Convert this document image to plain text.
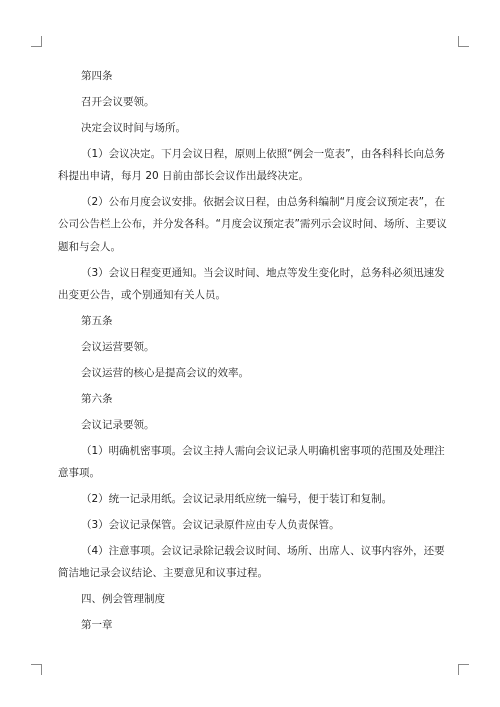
第四条

召开会议要领。

决定会议时间与场所。

（1）会议决定。下月会议日程，原则上依照“例会一览表”，由各科科长向总务

科提出申请，每月 20 日前由部长会议作出最终决定。

（2）公布月度会议安排。依据会议日程，由总务科编制“月度会议预定表”，在

公司公告栏上公布，并分发各科。“月度会议预定表”需列示会议时间、场所、主要议

题和与会人。

（3）会议日程变更通知。当会议时间、地点等发生变化时，总务科必须迅速发

出变更公告，或个别通知有关人员。

第五条

会议运营要领。

会议运营的核心是提高会议的效率。

第六条

会议记录要领。

（1）明确机密事项。会议主持人需向会议记录人明确机密事项的范围及处理注

意事项。

（2）统一记录用纸。会议记录用纸应统一编号，便于装订和复制。

（3）会议记录保管。会议记录原件应由专人负责保管。

（4）注意事项。会议记录除记载会议时间、场所、出席人、议事内容外，还要

简洁地记录会议结论、主要意见和议事过程。

四、例会管理制度

第一章
